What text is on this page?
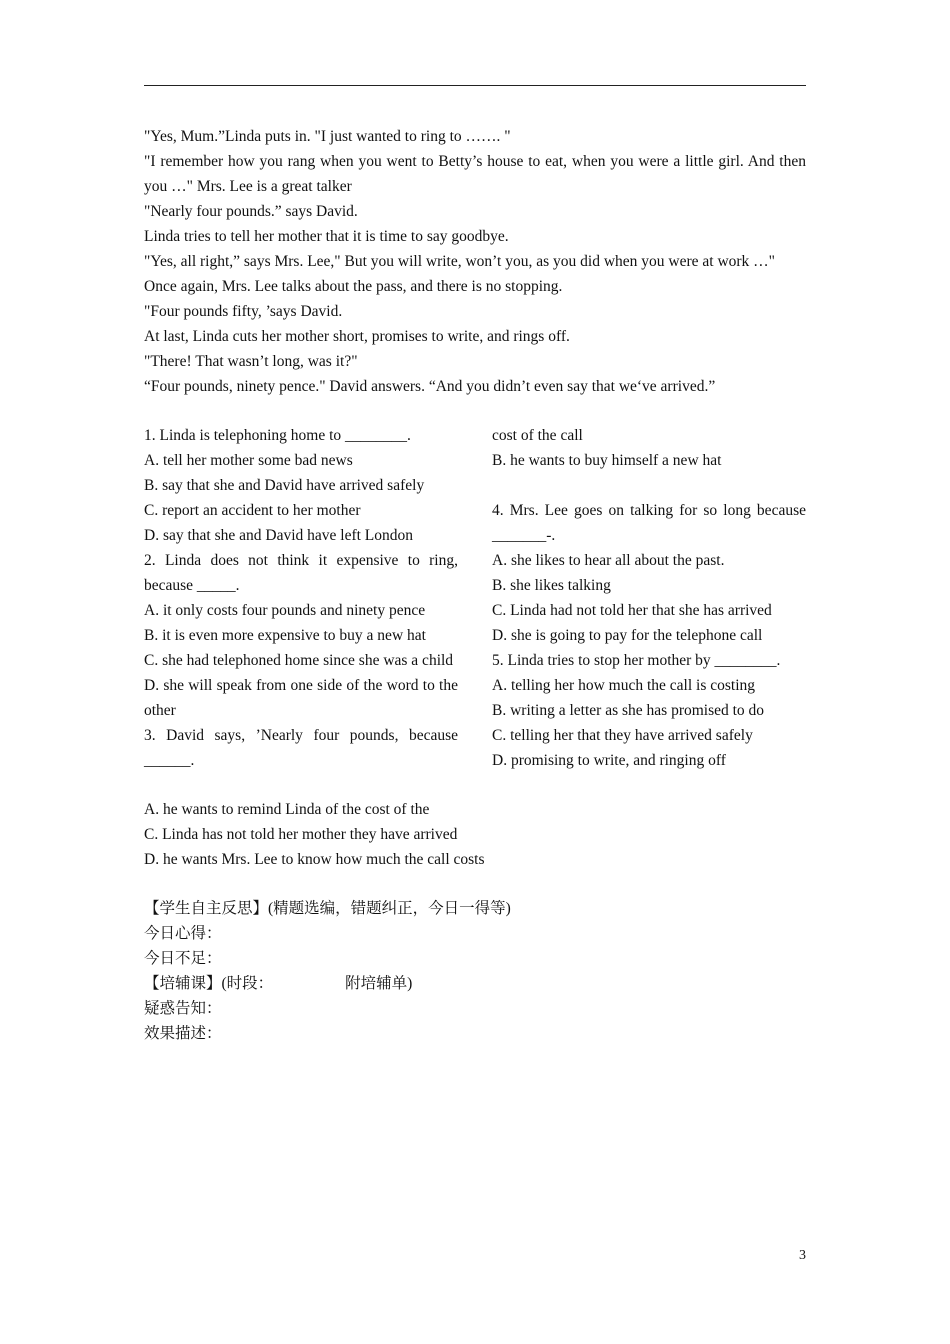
"Yes, Mum.”Linda puts in. "I just wanted to ring to ……. "
"I remember how you rang when you went to Betty’s house to eat, when you were a little girl. And then you …" Mrs. Lee is a great talker
"Nearly four pounds.” says David.
Linda tries to tell her mother that it is time to say goodbye.
"Yes, all right,” says Mrs. Lee," But you will write, won’t you, as you did when you were at work …"
Once again, Mrs. Lee talks about the pass, and there is no stopping.
"Four pounds fifty, ’says David.
At last, Linda cuts her mother short, promises to write, and rings off.
"There! That wasn’t long, was it?"
“Four pounds, ninety pence." David answers. “And you didn’t even say that we‘ve arrived.”
1. Linda is telephoning home to ________.
A. tell her mother some bad news
B. say that she and David have arrived safely
C. report an accident to her mother
D. say that she and David have left London
2. Linda does not think it expensive to ring, because _____.
A. it only costs four pounds and ninety pence
B. it is even more expensive to buy a new hat
C. she had telephoned home since she was a child
D. she will speak from one side of the word to the other
3. David says, ’Nearly four pounds, because ______.
cost of the call
B. he wants to buy himself a new hat
4. Mrs. Lee goes on talking for so long because _______-.
A. she likes to hear all about the past.
B. she likes talking
C. Linda had not told her that she has arrived
D. she is going to pay for the telephone call
5. Linda tries to stop her mother by ________.
A. telling her how much the call is costing
B. writing a letter as she has promised to do
C. telling her that they have arrived safely
D. promising to write, and ringing off
A. he wants to remind Linda of the cost of the
C. Linda has not told her mother they have arrived
D. he wants Mrs. Lee to know how much the call costs
【学生自主反思】(精题选编，错题纠正，今日一得等)
今日心得：
今日不足：
【培辅课】(时段：	附培辅单)
疑惑告知：
效果描述：
3
